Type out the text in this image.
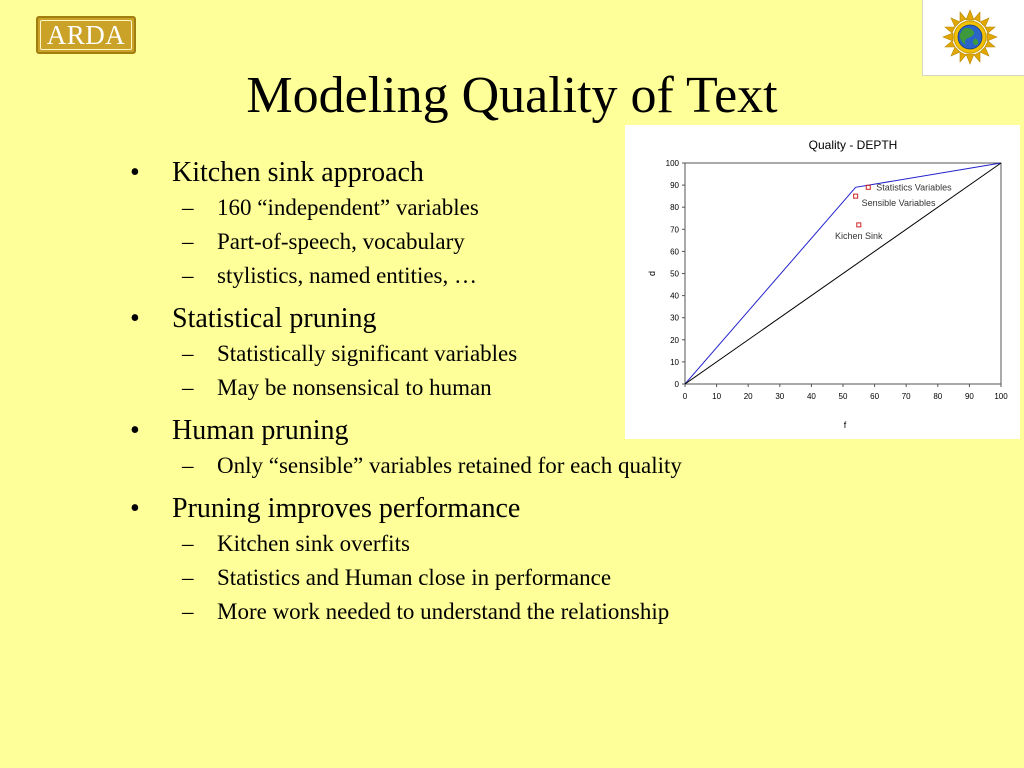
ARDA
Modeling Quality of Text
• Kitchen sink approach
– 160 “independent” variables
– Part-of-speech, vocabulary
– stylistics, named entities, …
• Statistical pruning
– Statistically significant variables
– May be nonsensical to human
• Human pruning
– Only “sensible” variables retained for each quality
• Pruning improves performance
– Kitchen sink overfits
– Statistics and Human close in performance
– More work needed to understand the relationship
Quality - DEPTH
0	10	20	30	40	50	60	70	80	90	100
0
10
20
30
40
50
60
70
80
90
100
f
d
Statistics Variables
Sensible Variables
Kichen Sink
